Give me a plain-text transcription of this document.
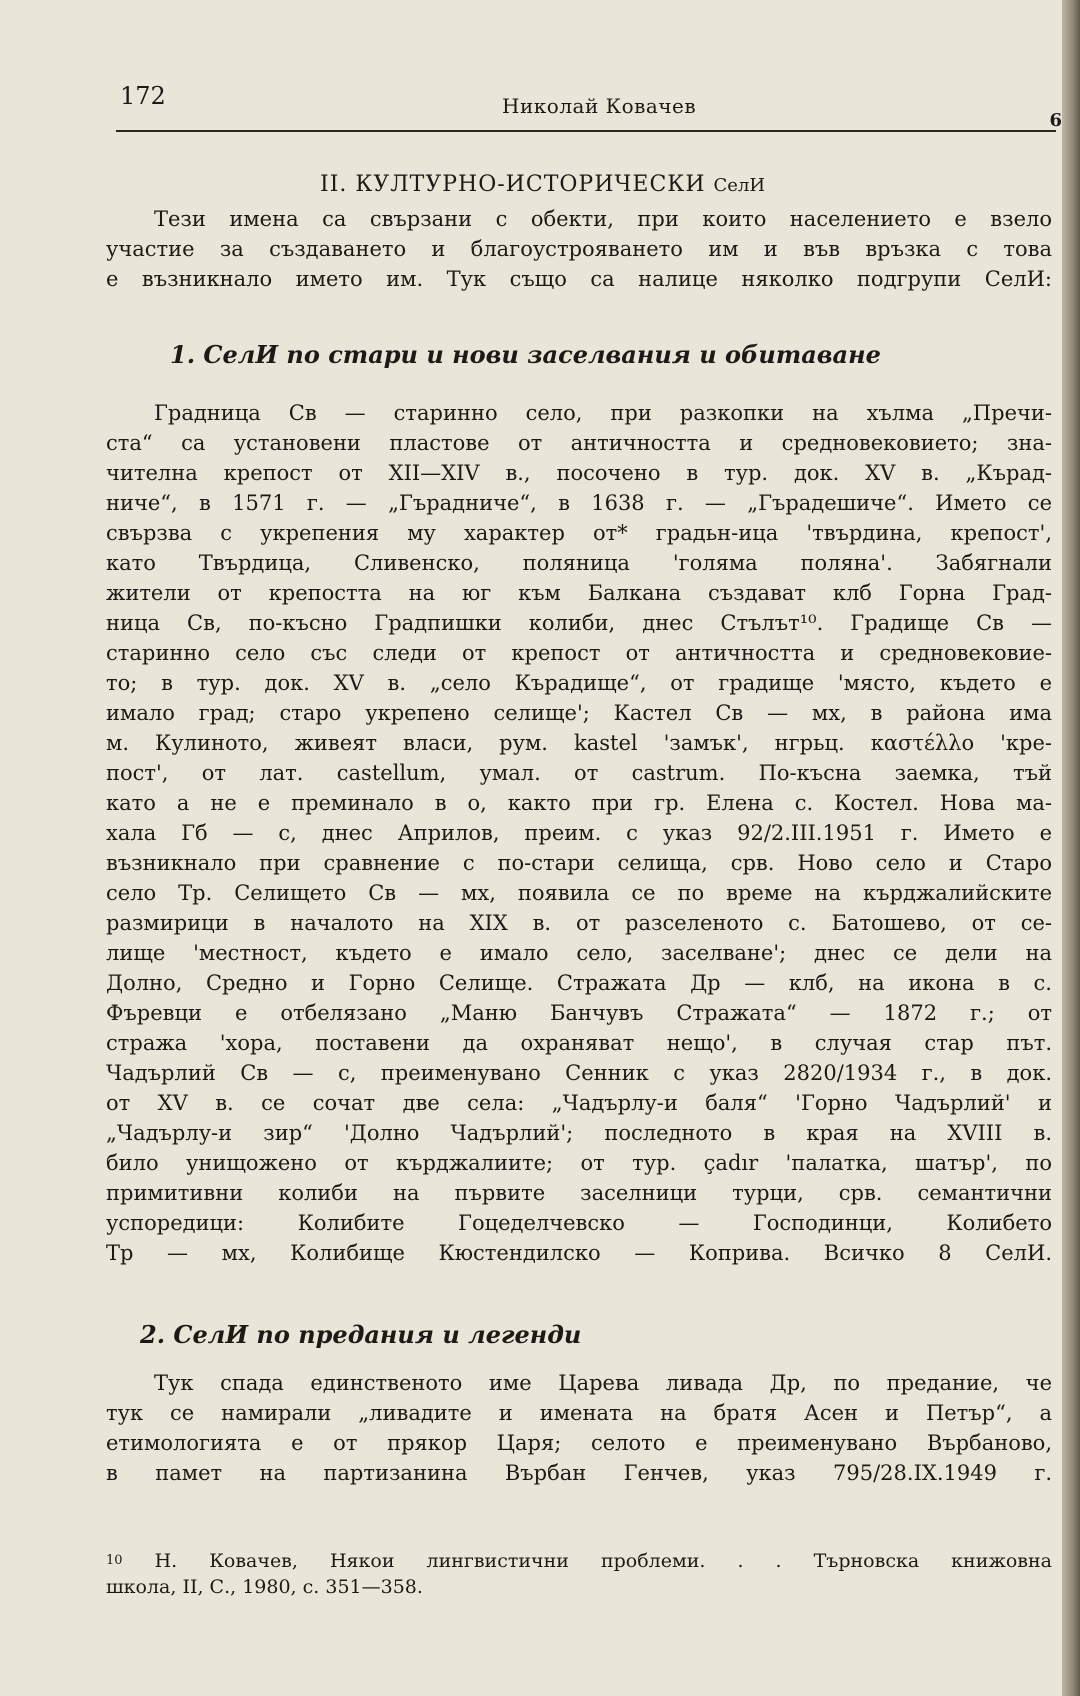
172	Николай Ковачев
6
II. КУЛТУРНО-ИСТОРИЧЕСКИ СелИ
Тези имена са свързани с обекти, при които населението е взело
участие за създаването и благоустрояването им и във връзка с това
е възникнало името им. Тук също са налице няколко подгрупи СелИ:
1. СелИ по стари и нови заселвания и обитаване
Градница Св — старинно село, при разкопки на хълма „Пречи-
ста“ са установени пластове от античността и средновековието; зна-
чителна крепост от XII—XIV в., посочено в тур. док. XV в. „Кърад-
ниче“, в 1571 г. — „Гърадниче“, в 1638 г. — „Гърадешиче“. Името се
свързва с укрепения му характер от* градьн-ица 'твърдина, крепост',
като Твърдица, Сливенско, поляница 'голяма поляна'. Забягнали
жители от крепостта на юг към Балкана създават клб Горна Град-
ница Св, по-късно Градпишки колиби, днес Стълът¹⁰. Градище Св —
старинно село със следи от крепост от античността и средновековие-
то; в тур. док. XV в. „село Кърадище“, от градище 'място, където е
имало град; старо укрепено селище'; Кастел Св — мх, в района има
м. Кулиното, живеят власи, рум. kastel 'замък', нгрьц. καστέλλο 'кре-
пост', от лат. castellum, умал. от castrum. По-късна заемка, тъй
като а не е преминало в о, както при гр. Елена с. Костел. Нова ма-
хала Гб — с, днес Априлов, преим. с указ 92/2.III.1951 г. Името е
възникнало при сравнение с по-стари селища, срв. Ново село и Старо
село Тр. Селището Св — мх, появила се по време на кърджалийските
размирици в началото на XIX в. от разселеното с. Батошево, от се-
лище 'местност, където е имало село, заселване'; днес се дели на
Долно, Средно и Горно Селище. Стражата Др — клб, на икона в с.
Фъревци е отбелязано „Маню Банчувъ Стражата“ — 1872 г.; от
стража 'хора, поставени да охраняват нещо', в случая стар път.
Чадърлий Св — с, преименувано Сенник с указ 2820/1934 г., в док.
от XV в. се сочат две села: „Чадърлу-и баля“ 'Горно Чадърлий' и
„Чадърлу-и зир“ 'Долно Чадърлий'; последното в края на XVIII в.
било унищожено от кърджалиите; от тур. çadır 'палатка, шатър', по
примитивни колиби на първите заселници турци, срв. семантични
успоредици: Колибите Гоцеделчевско — Господинци, Колибето
Тр — мх, Колибище Кюстендилско — Коприва. Всичко 8 СелИ.
2. СелИ по предания и легенди
Тук спада единственото име Царева ливада Др, по предание, че
тук се намирали „ливадите и имената на братя Асен и Петър“, а
етимологията е от прякор Царя; селото е преименувано Върбаново,
в памет на партизанина Върбан Генчев, указ 795/28.IX.1949 г.
$^{10}$ Н. Ковачев, Някои лингвистични проблеми. . . Търновска книжовна
школа, II, С., 1980, с. 351—358.
